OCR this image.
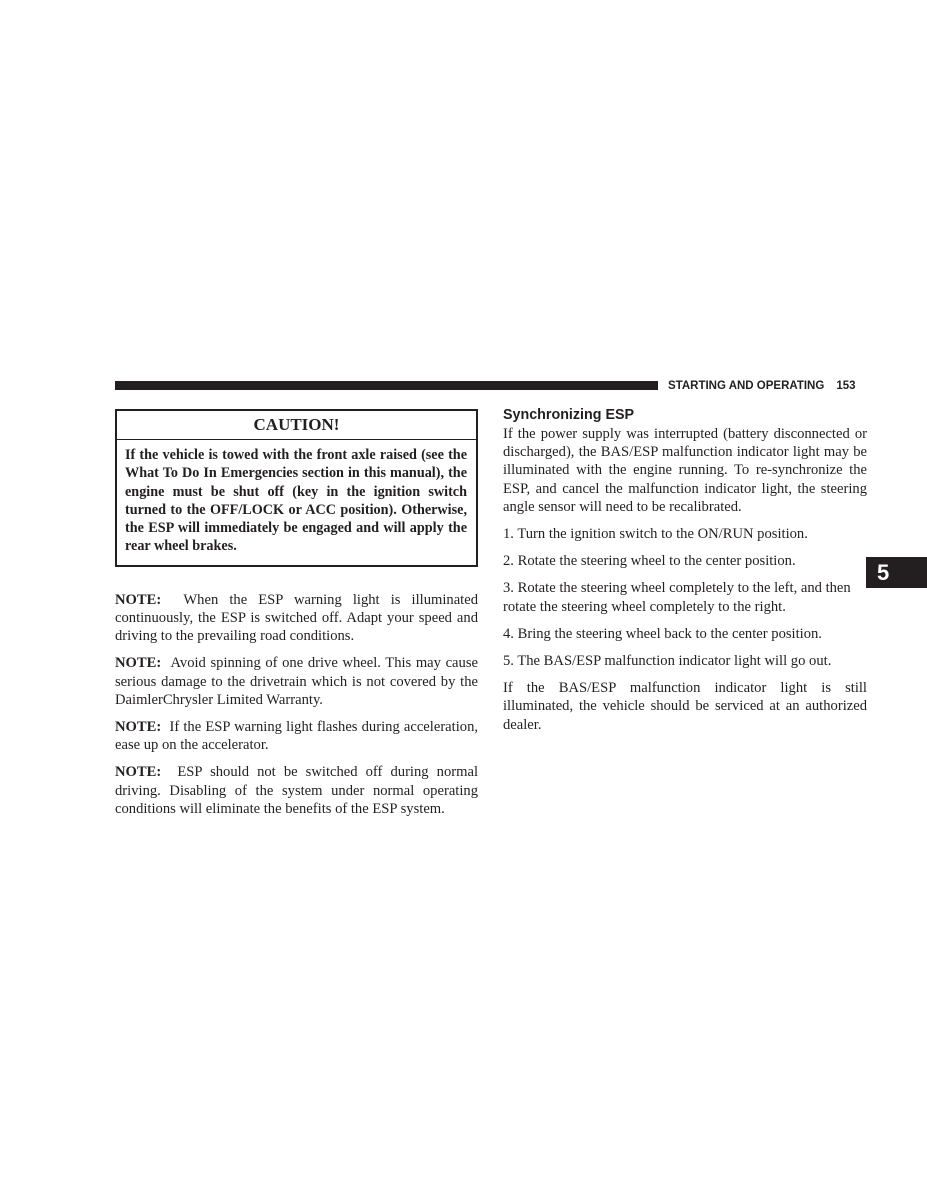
STARTING AND OPERATING 153
5
CAUTION!
If the vehicle is towed with the front axle raised (see the What To Do In Emergencies section in this manual), the engine must be shut off (key in the ignition switch turned to the OFF/LOCK or ACC position). Otherwise, the ESP will immediately be engaged and will apply the rear wheel brakes.

NOTE: When the ESP warning light is illuminated continuously, the ESP is switched off. Adapt your speed and driving to the prevailing road conditions.

NOTE: Avoid spinning of one drive wheel. This may cause serious damage to the drivetrain which is not covered by the DaimlerChrysler Limited Warranty.

NOTE: If the ESP warning light flashes during acceleration, ease up on the accelerator.

NOTE: ESP should not be switched off during normal driving. Disabling of the system under normal operating conditions will eliminate the benefits of the ESP system.

Synchronizing ESP

If the power supply was interrupted (battery disconnected or discharged), the BAS/ESP malfunction indicator light may be illuminated with the engine running. To re-synchronize the ESP, and cancel the malfunction indicator light, the steering angle sensor will need to be recalibrated.

1. Turn the ignition switch to the ON/RUN position.

2. Rotate the steering wheel to the center position.

3. Rotate the steering wheel completely to the left, and then rotate the steering wheel completely to the right.

4. Bring the steering wheel back to the center position.

5. The BAS/ESP malfunction indicator light will go out.

If the BAS/ESP malfunction indicator light is still illuminated, the vehicle should be serviced at an authorized dealer.
